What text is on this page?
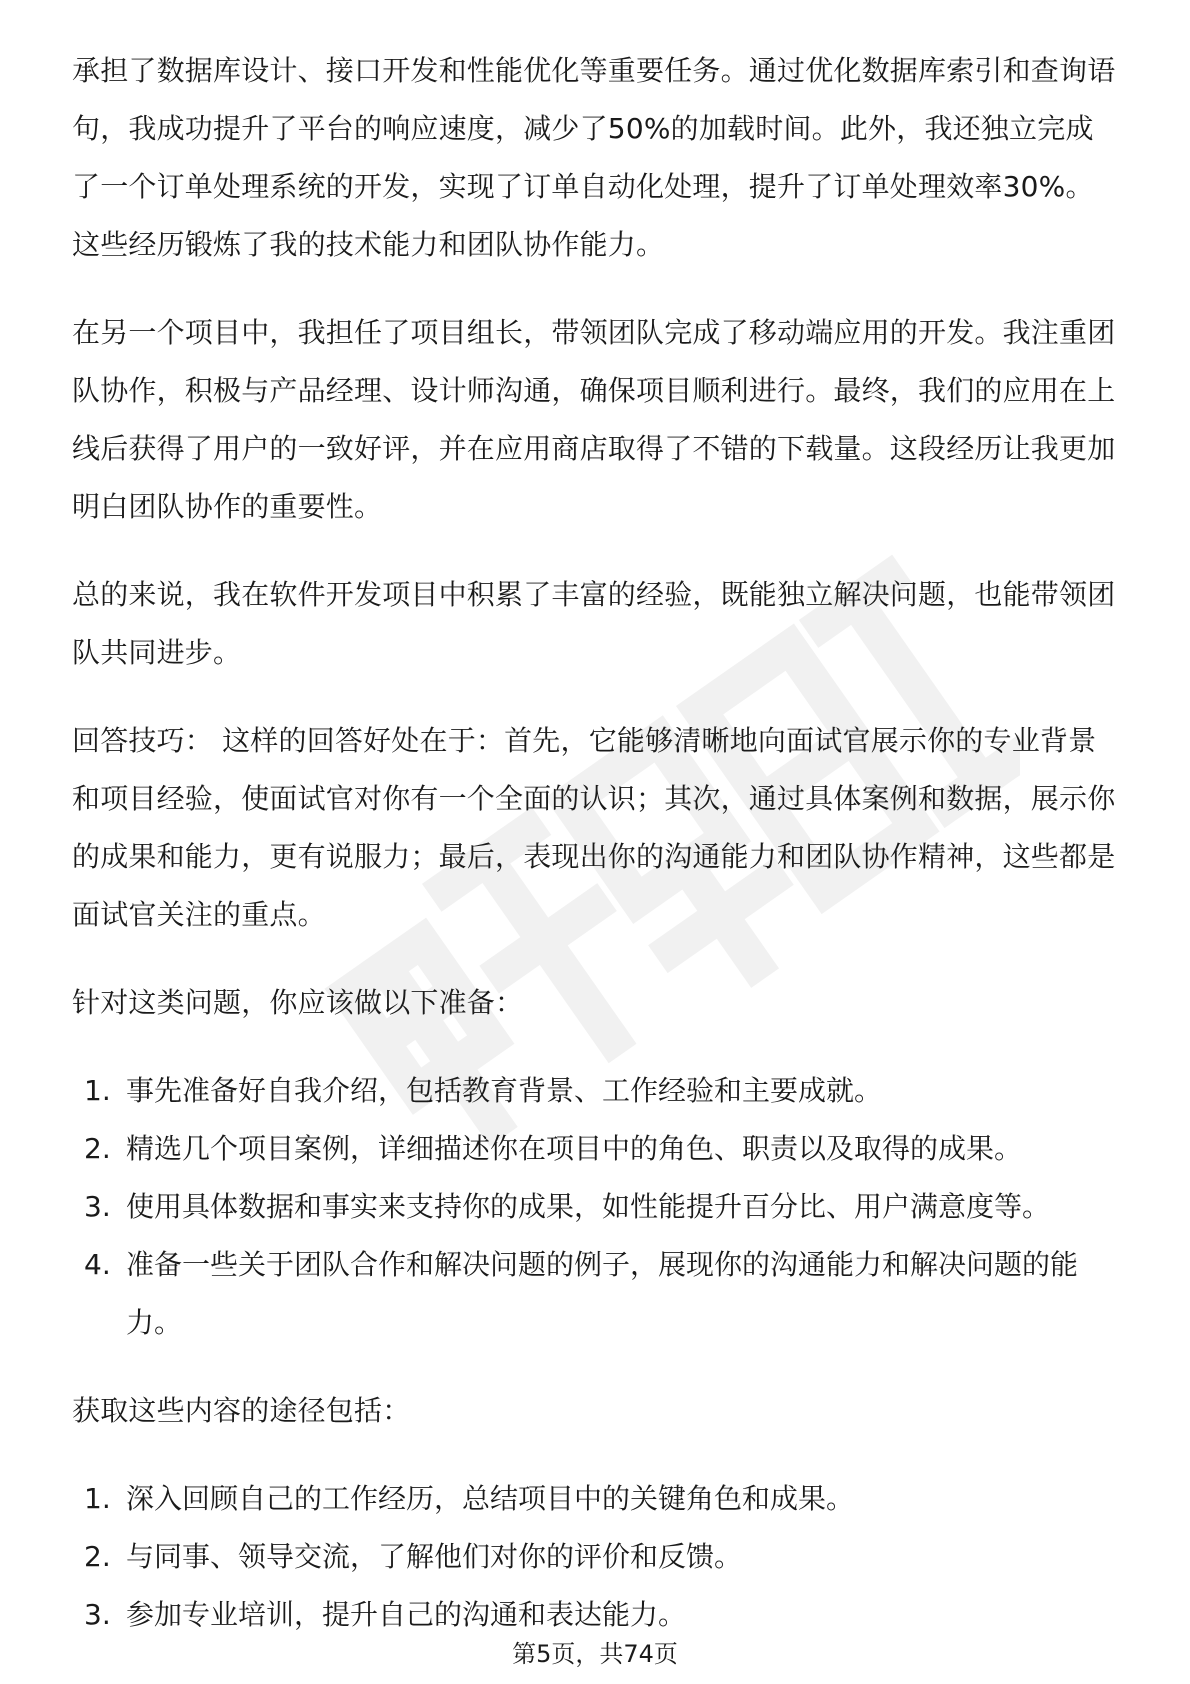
承担了数据库设计、接口开发和性能优化等重要任务。通过优化数据库索引和查询语句，我成功提升了平台的响应速度，减少了50%的加载时间。此外，我还独立完成了一个订单处理系统的开发，实现了订单自动化处理，提升了订单处理效率30%。这些经历锻炼了我的技术能力和团队协作能力。

在另一个项目中，我担任了项目组长，带领团队完成了移动端应用的开发。我注重团队协作，积极与产品经理、设计师沟通，确保项目顺利进行。最终，我们的应用在上线后获得了用户的一致好评，并在应用商店取得了不错的下载量。这段经历让我更加明白团队协作的重要性。

总的来说，我在软件开发项目中积累了丰富的经验，既能独立解决问题，也能带领团队共同进步。

回答技巧： 这样的回答好处在于：首先，它能够清晰地向面试官展示你的专业背景和项目经验，使面试官对你有一个全面的认识；其次，通过具体案例和数据，展示你的成果和能力，更有说服力；最后，表现出你的沟通能力和团队协作精神，这些都是面试官关注的重点。

针对这类问题，你应该做以下准备：

1. 事先准备好自我介绍，包括教育背景、工作经验和主要成就。
2. 精选几个项目案例，详细描述你在项目中的角色、职责以及取得的成果。
3. 使用具体数据和事实来支持你的成果，如性能提升百分比、用户满意度等。
4. 准备一些关于团队合作和解决问题的例子，展现你的沟通能力和解决问题的能力。

获取这些内容的途径包括：

1. 深入回顾自己的工作经历，总结项目中的关键角色和成果。
2. 与同事、领导交流，了解他们对你的评价和反馈。
3. 参加专业培训，提升自己的沟通和表达能力。
第5页，共74页
